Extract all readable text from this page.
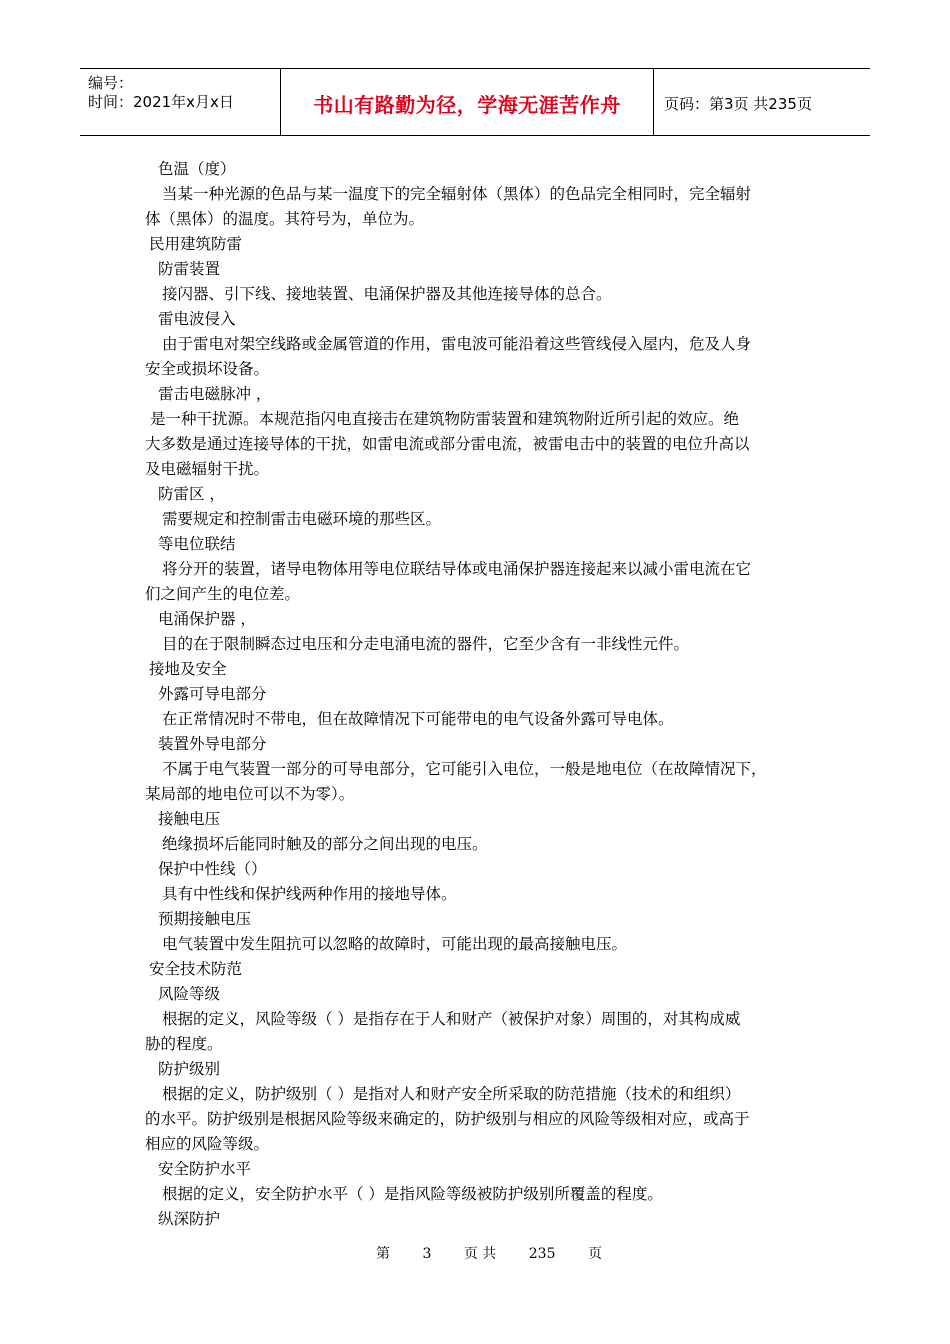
编号：
时间：2021年x月x日	书山有路勤为径，学海无涯苦作舟	页码：第3页 共235页
色温（度）
当某一种光源的色品与某一温度下的完全辐射体（黑体）的色品完全相同时，完全辐射
体（黑体）的温度。其符号为，单位为。
民用建筑防雷
防雷装置
接闪器、引下线、接地装置、电涌保护器及其他连接导体的总合。
雷电波侵入
由于雷电对架空线路或金属管道的作用，雷电波可能沿着这些管线侵入屋内，危及人身
安全或损坏设备。
雷击电磁脉冲 ，
是一种干扰源。本规范指闪电直接击在建筑物防雷装置和建筑物附近所引起的效应。绝
大多数是通过连接导体的干扰，如雷电流或部分雷电流，被雷电击中的装置的电位升高以
及电磁辐射干扰。
防雷区 ，
需要规定和控制雷击电磁环境的那些区。
等电位联结
将分开的装置，诸导电物体用等电位联结导体或电涌保护器连接起来以减小雷电流在它
们之间产生的电位差。
电涌保护器 ，
目的在于限制瞬态过电压和分走电涌电流的器件，它至少含有一非线性元件。
接地及安全
外露可导电部分
在正常情况时不带电，但在故障情况下可能带电的电气设备外露可导电体。
装置外导电部分
不属于电气装置一部分的可导电部分，它可能引入电位，一般是地电位（在故障情况下，
某局部的地电位可以不为零）。
接触电压
绝缘损坏后能同时触及的部分之间出现的电压。
保护中性线（）
具有中性线和保护线两种作用的接地导体。
预期接触电压
电气装置中发生阻抗可以忽略的故障时，可能出现的最高接触电压。
安全技术防范
风险等级
根据的定义，风险等级（ ）是指存在于人和财产（被保护对象）周围的，对其构成威
胁的程度。
防护级别
根据的定义，防护级别（ ）是指对人和财产安全所采取的防范措施（技术的和组织）
的水平。防护级别是根据风险等级来确定的，防护级别与相应的风险等级相对应，或高于
相应的风险等级。
安全防护水平
根据的定义，安全防护水平（ ）是指风险等级被防护级别所覆盖的程度。
纵深防护
第 3 页 共 235 页
